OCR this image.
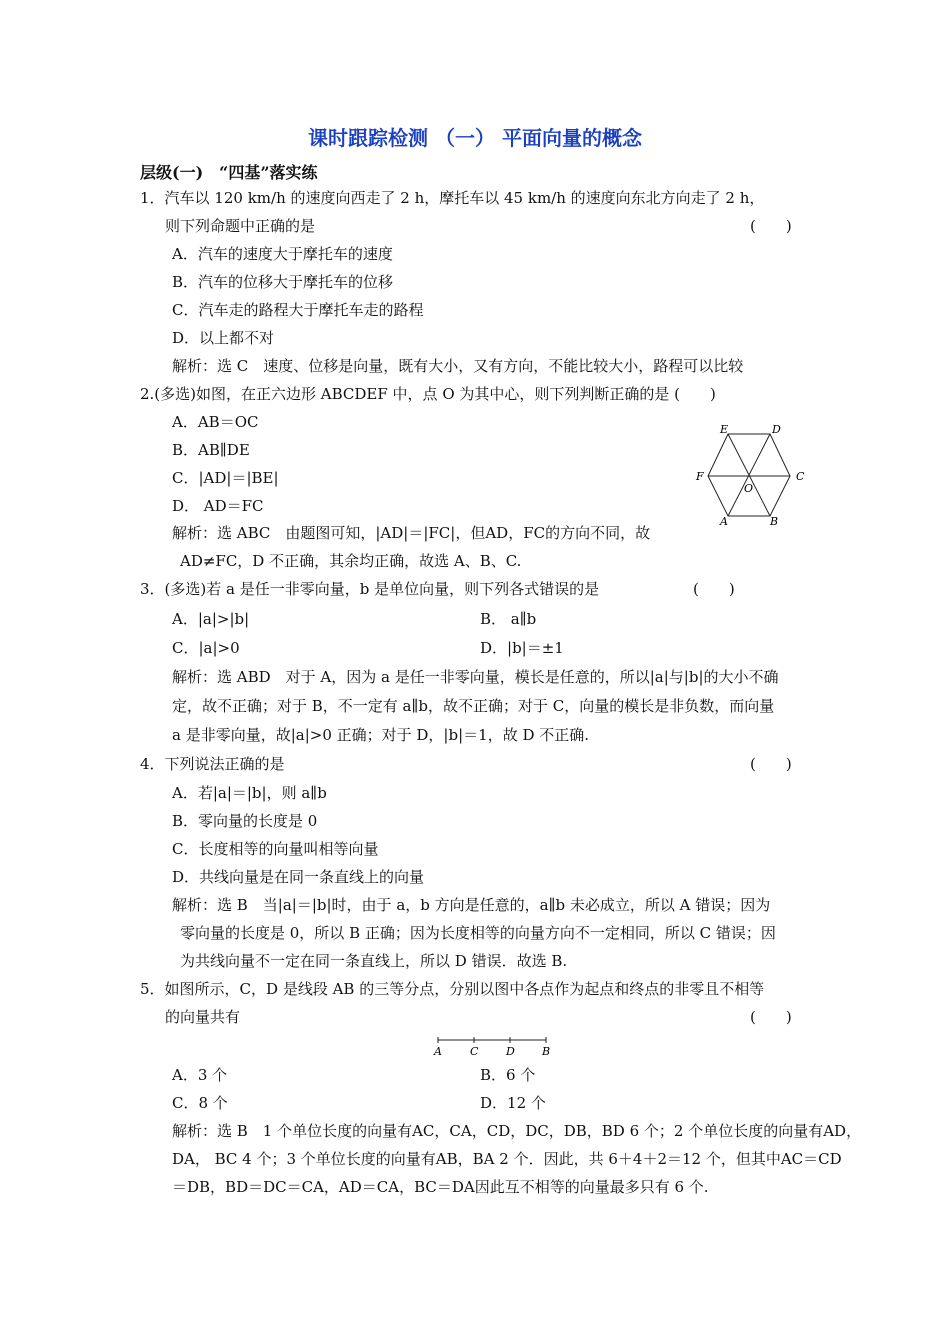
课时跟踪检测 （一） 平面向量的概念
层级(一)　“四基”落实练
1．汽车以 120 km/h 的速度向西走了 2 h，摩托车以 45 km/h 的速度向东北方向走了 2 h，
则下列命题中正确的是	(　　)
A．汽车的速度大于摩托车的速度
B．汽车的位移大于摩托车的位移
C．汽车走的路程大于摩托车走的路程
D．以上都不对
解析：选 C　速度、位移是向量，既有大小，又有方向，不能比较大小，路程可以比较
2.(多选)如图，在正六边形 ABCDEF 中，点 O 为其中心，则下列判断正确的是 (　　)
A．AB＝OC
B．AB∥DE
C．|AD|＝|BE|
D． AD＝FC
解析：选 ABC　由题图可知，|AD|＝|FC|，但AD，FC的方向不同，故
AD≠FC，D 不正确，其余均正确，故选 A、B、C.
E	D
F
O
C
A	B
3．(多选)若 a 是任一非零向量，b 是单位向量，则下列各式错误的是	(　　)
A．|a|>|b|	B． a∥b
C．|a|>0	D．|b|＝±1
解析：选 ABD　对于 A，因为 a 是任一非零向量，模长是任意的，所以|a|与|b|的大小不确
定，故不正确；对于 B，不一定有 a∥b，故不正确；对于 C，向量的模长是非负数，而向量
a 是非零向量，故|a|>0 正确；对于 D，|b|＝1，故 D 不正确.
4．下列说法正确的是	(　　)
A．若|a|＝|b|，则 a∥b
B．零向量的长度是 0
C．长度相等的向量叫相等向量
D．共线向量是在同一条直线上的向量
解析：选 B　当|a|＝|b|时，由于 a，b 方向是任意的，a∥b 未必成立，所以 A 错误；因为
零向量的长度是 0，所以 B 正确；因为长度相等的向量方向不一定相同，所以 C 错误；因
为共线向量不一定在同一条直线上，所以 D 错误．故选 B.
5．如图所示，C，D 是线段 AB 的三等分点，分别以图中各点作为起点和终点的非零且不相等
的向量共有	(　　)
A	C	D B
A．3 个	B．6 个
C．8 个	D．12 个
解析：选 B　1 个单位长度的向量有AC，CA，CD，DC，DB，BD 6 个；2 个单位长度的向量有AD，
DA， BC 4 个；3 个单位长度的向量有AB，BA 2 个．因此，共 6＋4＋2＝12 个，但其中AC＝CD
＝DB，BD＝DC＝CA，AD＝CA，BC＝DA因此互不相等的向量最多只有 6 个.
